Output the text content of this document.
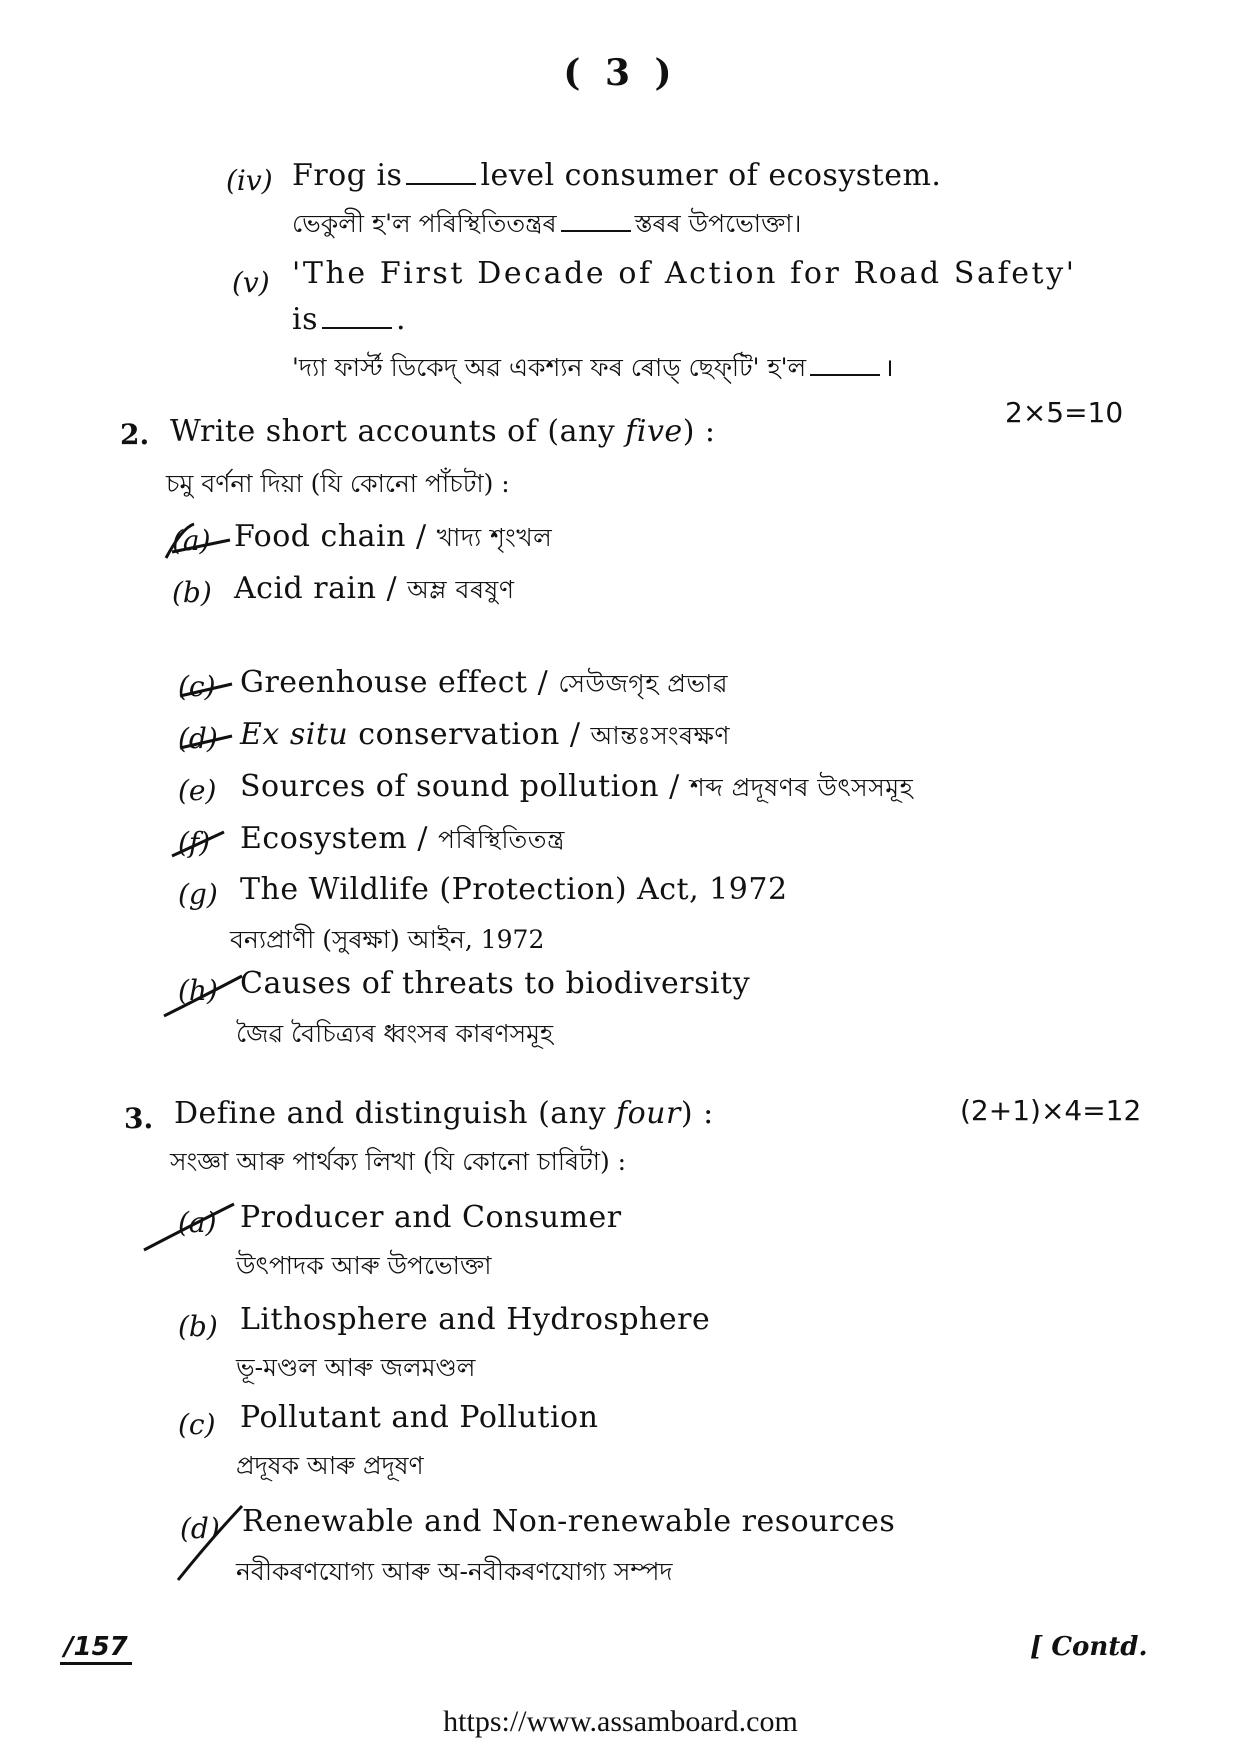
( 3 )
(iv) Frog is	level consumer of ecosystem.
ভেকুলী হ'ল পৰিস্থিতিতন্ত্ৰৰ	স্তৰৰ উপভোক্তা।
(v) 'The First Decade of Action for Road Safety'
is	.
'দ্যা ফাৰ্স্ট ডিকেদ্ অৱ একশ্যন ফৰ ৰোড্ ছেফ্‌টি' হ'ল	।
2. Write short accounts of (any five) :
2×5=10
চমু বৰ্ণনা দিয়া (যি কোনো পাঁচটা) :
(a) Food chain / খাদ্য শৃংখল
(b) Acid rain / অম্ল বৰষুণ
(c) Greenhouse effect / সেউজগৃহ প্ৰভাৱ
(d) Ex situ conservation / আন্তঃসংৰক্ষণ
(e) Sources of sound pollution / শব্দ প্ৰদূষণৰ উৎসসমূহ
(f) Ecosystem / পৰিস্থিতিতন্ত্ৰ
(g) The Wildlife (Protection) Act, 1972
বন্যপ্ৰাণী (সুৰক্ষা) আইন, 1972
(h) Causes of threats to biodiversity
জৈৱ বৈচিত্ৰ্যৰ ধ্বংসৰ কাৰণসমূহ
3. Define and distinguish (any four) :	(2+1)×4=12
সংজ্ঞা আৰু পাৰ্থক্য লিখা (যি কোনো চাৰিটা) :
(a) Producer and Consumer
উৎপাদক আৰু উপভোক্তা
(b) Lithosphere and Hydrosphere
ভূ-মণ্ডল আৰু জলমণ্ডল
(c) Pollutant and Pollution
প্ৰদূষক আৰু প্ৰদূষণ
(d) Renewable and Non-renewable resources
নবীকৰণযোগ্য আৰু অ-নবীকৰণযোগ্য সম্পদ
/157	[ Contd.
https://www.assamboard.com
